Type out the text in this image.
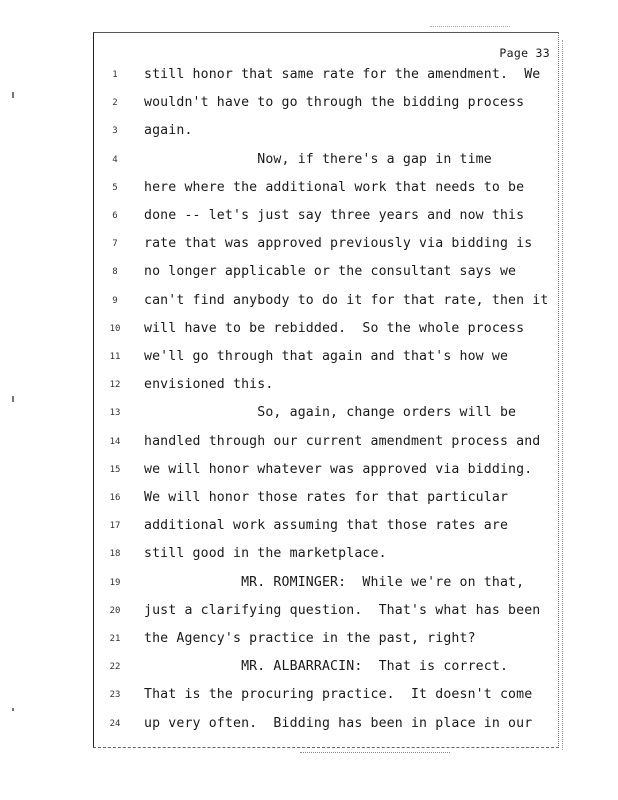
Page 33
1	still honor that same rate for the amendment.  We
2	wouldn't have to go through the bidding process
3	again.
4	Now, if there's a gap in time
5	here where the additional work that needs to be
6	done -- let's just say three years and now this
7	rate that was approved previously via bidding is
8	no longer applicable or the consultant says we
9	can't find anybody to do it for that rate, then it
10	will have to be rebidded.  So the whole process
11	we'll go through that again and that's how we
12	envisioned this.
13	So, again, change orders will be
14	handled through our current amendment process and
15	we will honor whatever was approved via bidding.
16	We will honor those rates for that particular
17	additional work assuming that those rates are
18	still good in the marketplace.
19	MR. ROMINGER:  While we're on that,
20	just a clarifying question.  That's what has been
21	the Agency's practice in the past, right?
22	MR. ALBARRACIN:  That is correct.
23	That is the procuring practice.  It doesn't come
24	up very often.  Bidding has been in place in our
